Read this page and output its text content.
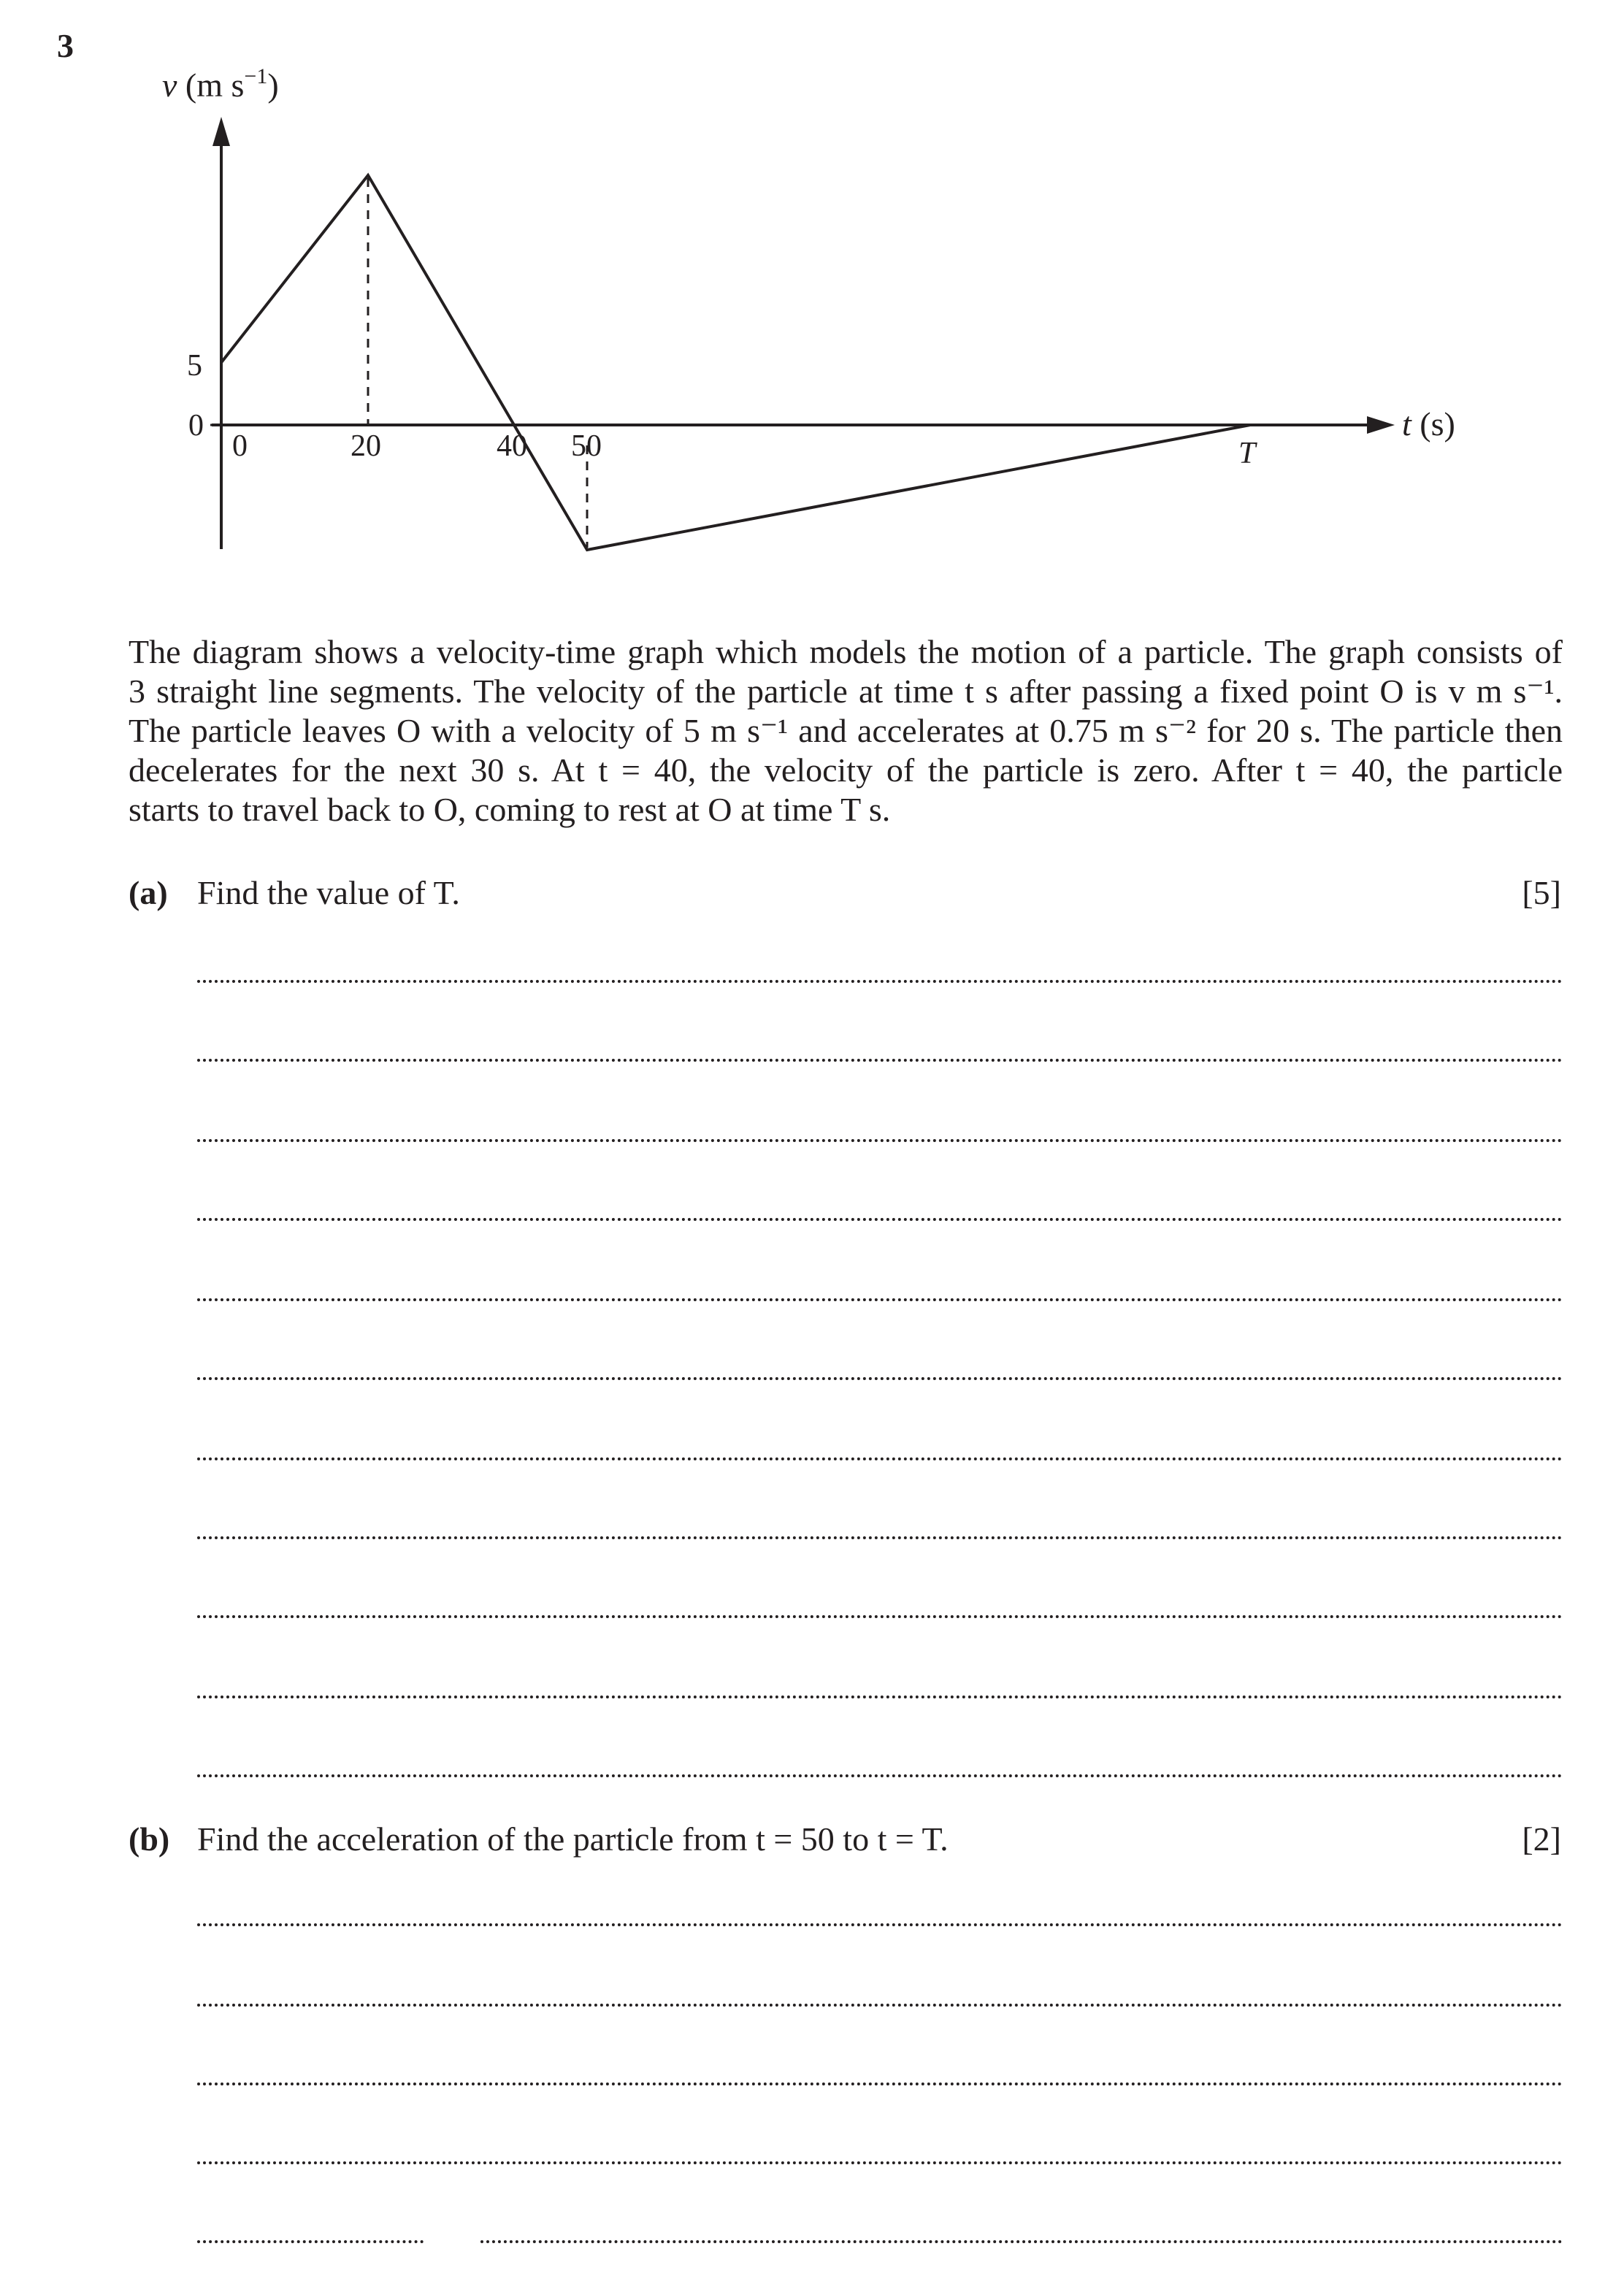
3
v (m $s^{-1}$)
t (s)
5
0
0	20	40 50	T
The diagram shows a velocity-time graph which models the motion of a particle. The graph consists of
3 straight line segments. The velocity of the particle at time t s after passing a fixed point O is v m s⁻¹.
The particle leaves O with a velocity of 5 m s⁻¹ and accelerates at 0.75 m s⁻² for 20 s. The particle then
decelerates for the next 30 s. At t = 40, the velocity of the particle is zero. After t = 40, the particle
starts to travel back to O, coming to rest at O at time T s.
(a) Find the value of T.	[5]
(b) Find the acceleration of the particle from t = 50 to t = T.	[2]
